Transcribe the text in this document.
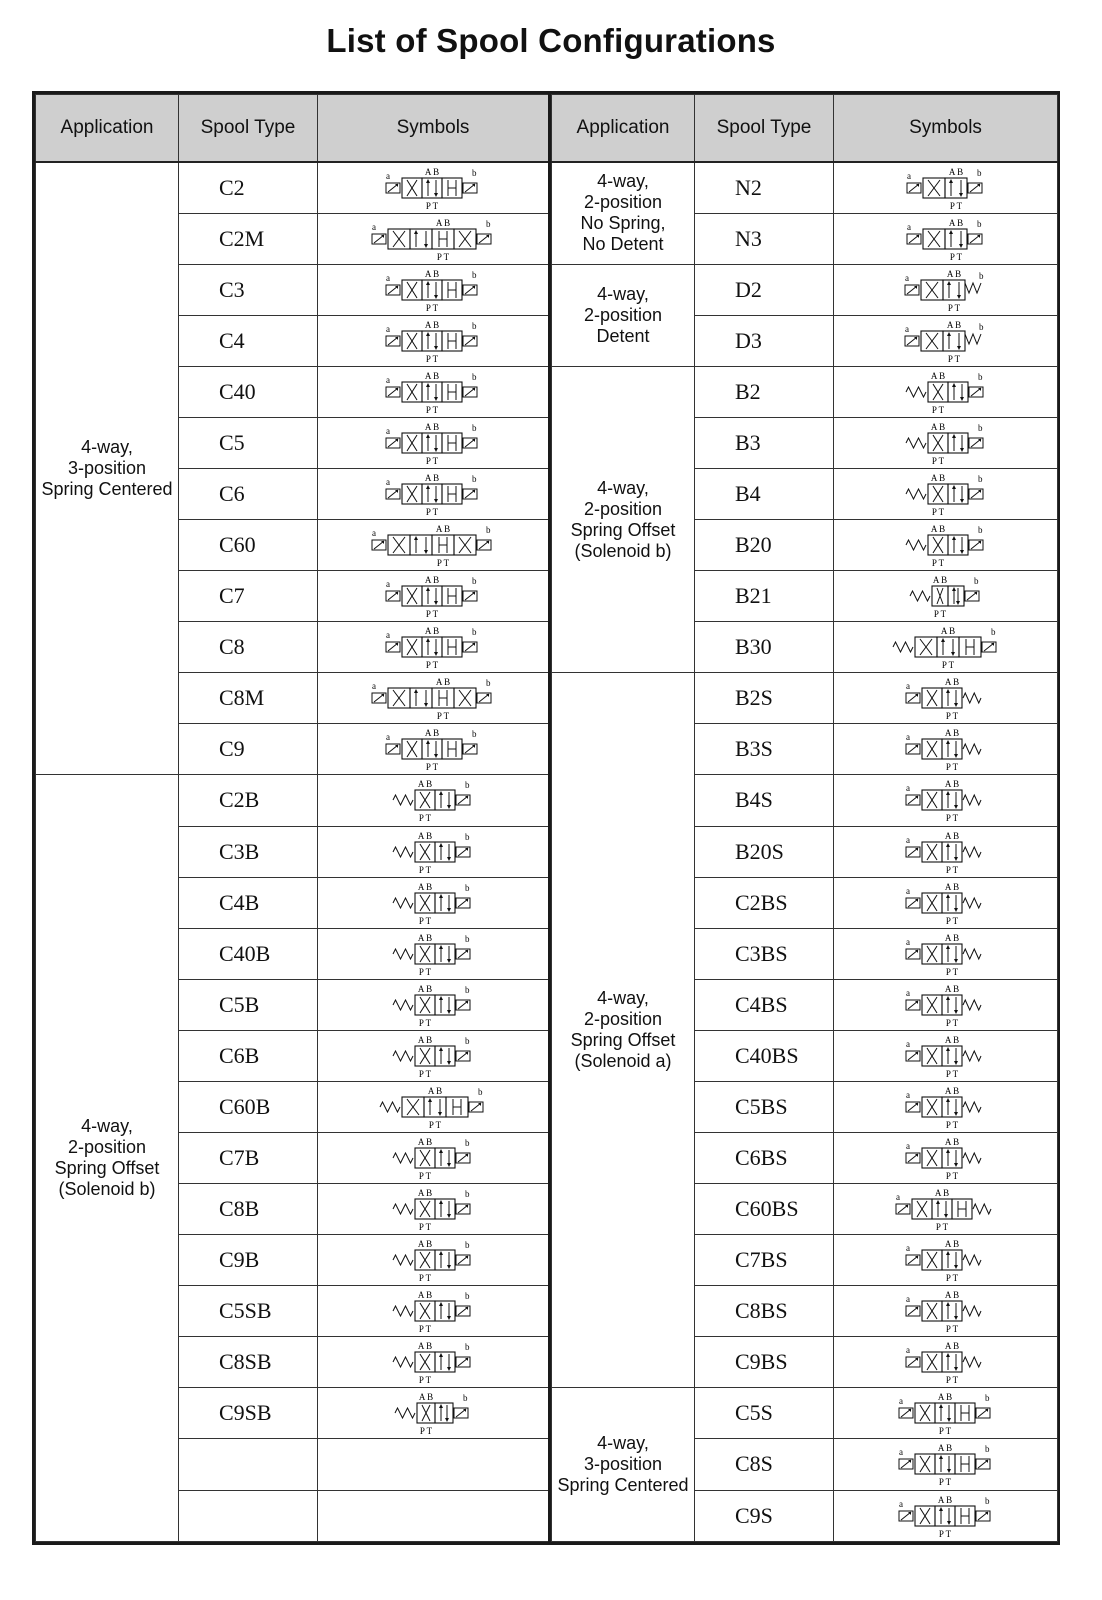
List of Spool Configurations
Application	Spool Type	Symbols

4-way,
3-position
Spring Centered	C2	a b
A B
P T

	C2M	a b
A B
P T

	C3	a b
A B
P T

	C4	a b
A B
P T

	C40	a b
A B
P T

	C5	a b
A B
P T

	C6	a b
A B
P T

	C60	a b
A B
P T

	C7	a b
A B
P T

	C8	a b
A B
P T

	C8M	a b
A B
P T

	C9	a b
A B
P T

4-way,
2-position
Spring Offset
(Solenoid b)	C2B	b
A B
P T

	C3B	b
A B
P T

	C4B	b
A B
P T

	C40B	b
A B
P T

	C5B	b
A B
P T

	C6B	b
A B
P T

	C60B	b
A B
P T

	C7B	b
A B
P T

	C8B	b
A B
P T

	C9B	b
A B
P T

	C5SB	b
A B
P T

	C8SB	b
A B
P T

	C9SB	b
A B
P T

Application	Spool Type	Symbols

4-way,
2-position
No Spring,
No Detent	N2	a b
A B
P T

	N3	a b
A B
P T

4-way,
2-position
Detent	D2	a b
A B
P T

	D3	a b
A B
P T

4-way,
2-position
Spring Offset
(Solenoid b)	B2	b
A B
P T

	B3	b
A B
P T

	B4	b
A B
P T

	B20	b
A B
P T

	B21	b
A B
P T

	B30	b
A B
P T

4-way,
2-position
Spring Offset
(Solenoid a)	B2S	a A B
P T

	B3S	a A B
P T

	B4S	a A B
P T

	B20S	a A B
P T

	C2BS	a A B
P T

	C3BS	a A B
P T

	C4BS	a A B
P T

	C40BS	a A B
P T

	C5BS	a A B
P T

	C6BS	a A B
P T

	C60BS	a A B
P T

	C7BS	a A B
P T

	C8BS	a A B
P T

	C9BS	a A B
P T

4-way,
3-position
Spring Centered	C5S	a b
A B
P T

	C8S	a b
A B
P T

	C9S	a b
A B
P T
